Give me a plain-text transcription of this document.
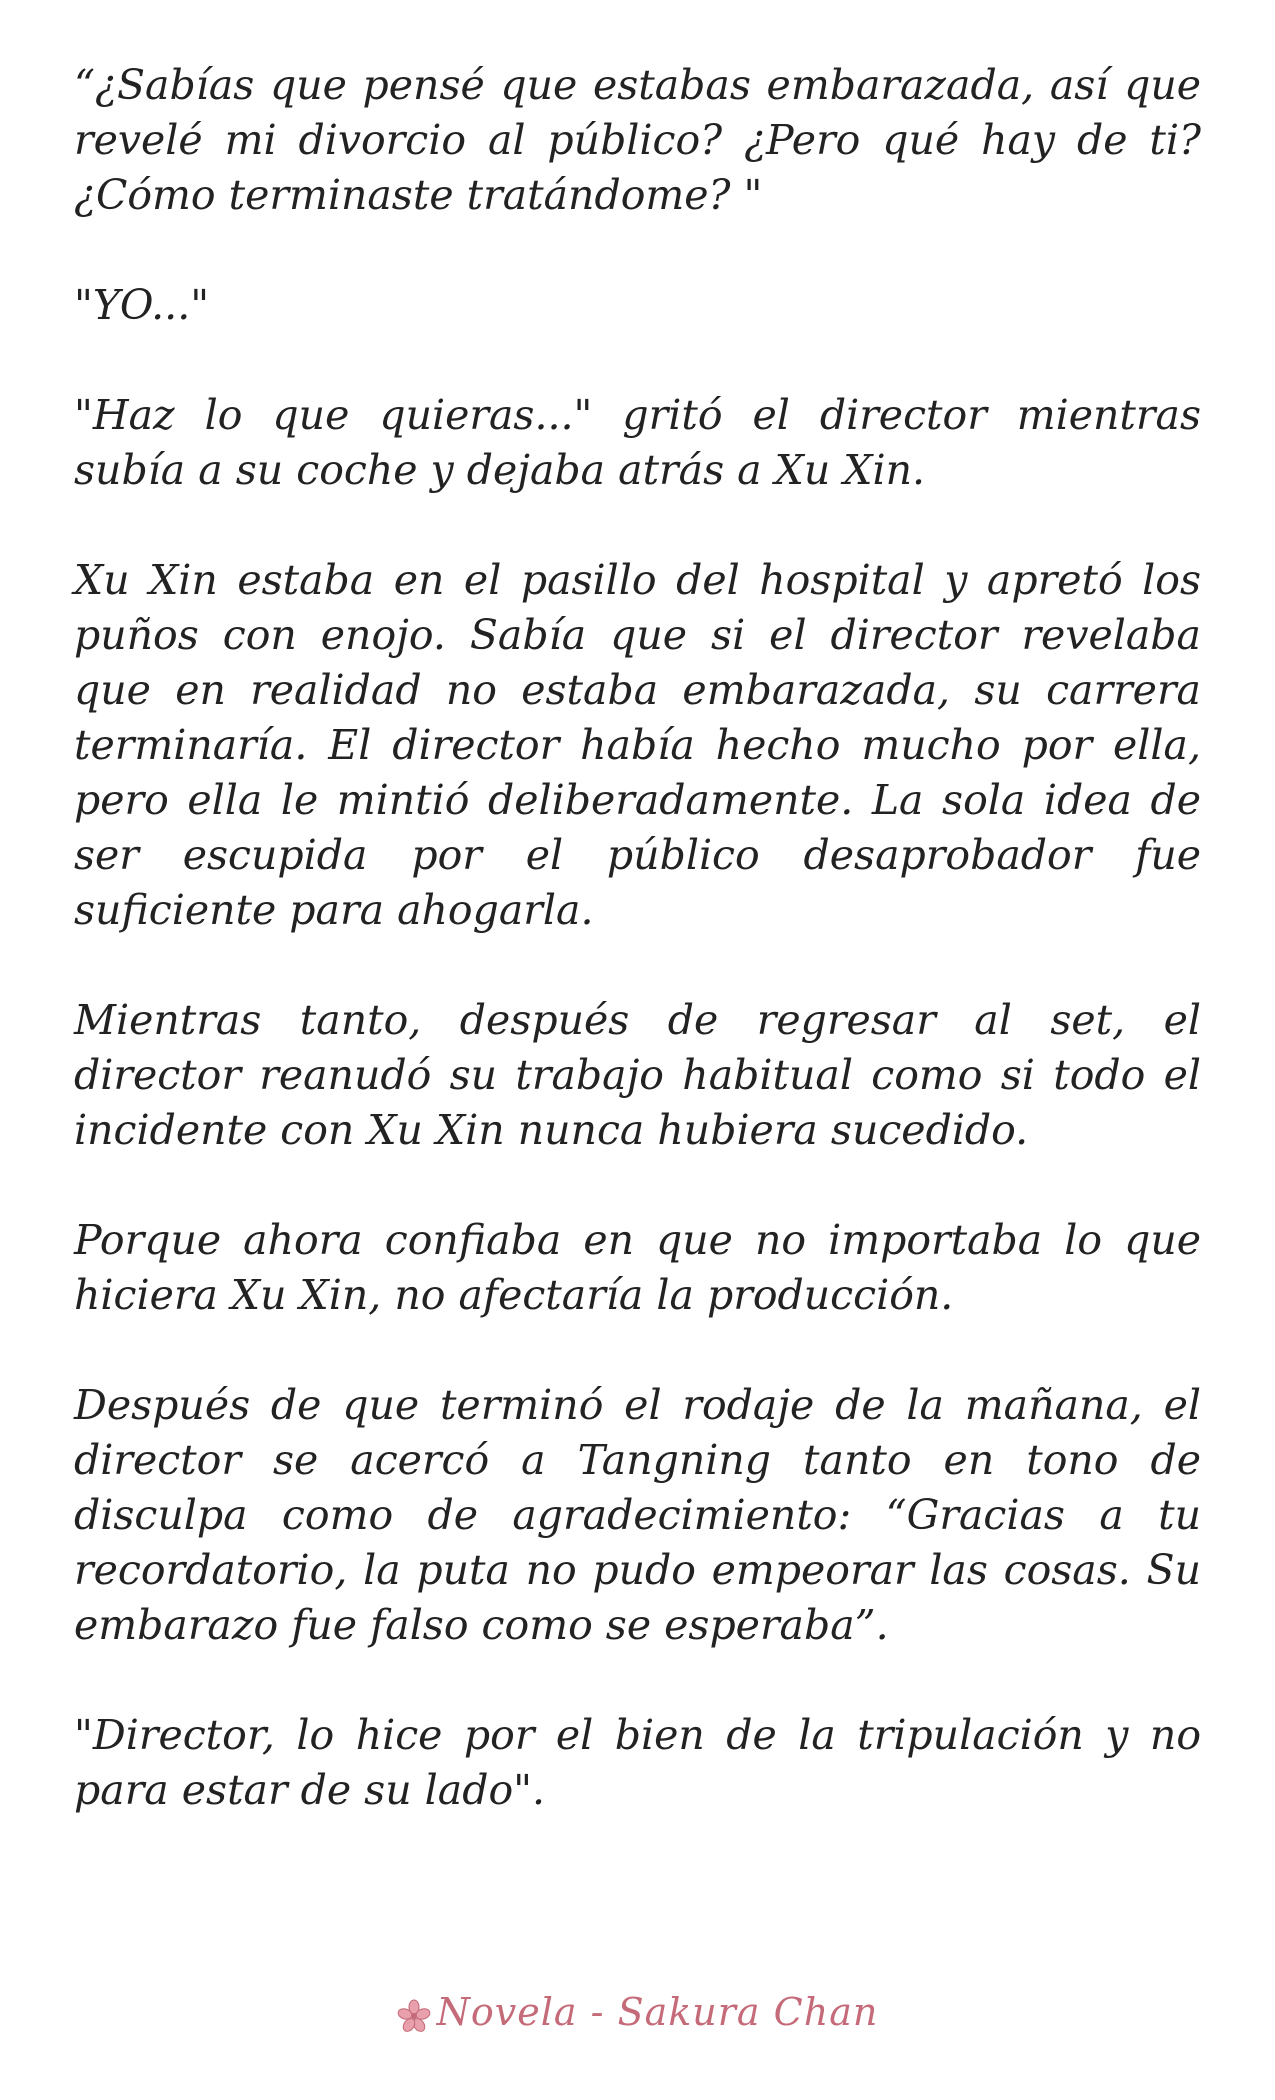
“¿Sabías que pensé que estabas embarazada, así que revelé mi divorcio al público? ¿Pero qué hay de ti? ¿Cómo terminaste tratándome? "

"YO..."

"Haz lo que quieras..." gritó el director mientras subía a su coche y dejaba atrás a Xu Xin.

Xu Xin estaba en el pasillo del hospital y apretó los puños con enojo. Sabía que si el director revelaba que en realidad no estaba embarazada, su carrera terminaría. El director había hecho mucho por ella, pero ella le mintió deliberadamente. La sola idea de ser escupida por el público desaprobador fue suficiente para ahogarla.

Mientras tanto, después de regresar al set, el director reanudó su trabajo habitual como si todo el incidente con Xu Xin nunca hubiera sucedido.

Porque ahora confiaba en que no importaba lo que hiciera Xu Xin, no afectaría la producción.

Después de que terminó el rodaje de la mañana, el director se acercó a Tangning tanto en tono de disculpa como de agradecimiento: “Gracias a tu recordatorio, la puta no pudo empeorar las cosas. Su embarazo fue falso como se esperaba”.

"Director, lo hice por el bien de la tripulación y no para estar de su lado".

Novela - Sakura Chan
